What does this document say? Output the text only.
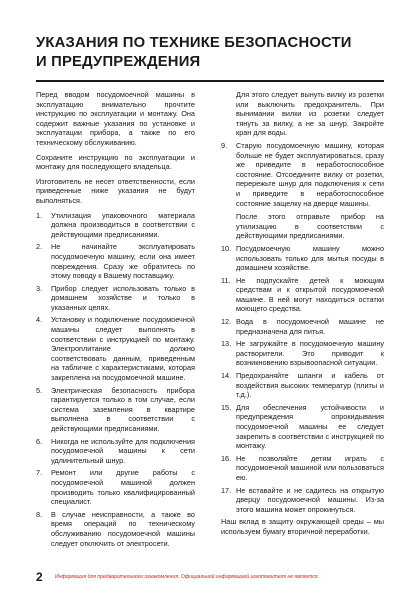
УКАЗАНИЯ ПО ТЕХНИКЕ БЕЗОПАСНОСТИ
И ПРЕДУПРЕЖДЕНИЯ

Перед вводом посудомоечной машины в эксплуатацию внимательно прочтите инструкцию по эксплуатации и монтажу. Она содержит важные указания по установке и эксплуатации прибора, а также по его техническому обслуживанию.

Сохраните инструкцию по эксплуатации и монтажу для последующего владельца.

Изготовитель не несет ответственности, если приведенные ниже указания не будут выполняться.

1. Утилизация упаковочного материала должна производиться в соответствии с действующими предписаниями.
2. Не начинайте эксплуатировать посудомоечную машину, если она имеет повреждения. Сразу же обратитесь по этому поводу к Вашему поставщику.
3. Прибор следует использовать только в домашнем хозяйстве и только в указанных целях.
4. Установку и подключение посудомоечной машины следует выполнять в соответствии с инструкцией по монтажу. Электроплитание должно соответствовать данным, приведенным на табличке с характеристиками, которая закреплена на посудомоечной машине.
5. Электрическая безопасность прибора гарантируется только в том случае, если система заземления в квартире выполнена в соответствии с действующими предписаниями.
6. Никогда не используйте для подключения посудомоечной машины к сети удлинительный шнур.
7. Ремонт или другие работы с посудомоечной машиной должен производить только квалифицированный специалист.
8. В случае неисправности, а также во время операций по техническому обслуживанию посудомоечной машины следует отключить от электросети.
Для этого следует вынуть вилку из розетки или выключить предохранитель. При вынимании вилки из розетки следует тянуть за вилку, а не за шнур. Закройте кран для воды.
9. Старую посудомоечную машину, которая больше не будет эксплуатироваться, сразу же приведите в нерабoтоспособное состояние. Отсоедините вилку от розетки, перережьте шнур для подключения к сети и приведите в неработоспособное состояние защелку на дверце машины.
После этого отправьте прибор на утилизацию в соответствии с действующими предписаниями.
10. Посудомоечную машину можно использовать только для мытья посуды в домашнем хозяйстве.
11. Не подпускайте детей к моющим средствам и к открытой посудомоечной машине. В ней могут находиться остатки моющего средства.
12. Вода в посудомоечной машине не предназначена для питья.
13. Не загружайте в посудомоечную машину растворители. Это приводит к возникновению взрывоопасной ситуации.
14. Предохраняйте шланги и кабель от воздействия высоких температур (плиты и т.д.).
15. Для обеспечения устойчивости и предупреждения опрокидывания посудомоечной машины ее следует закрепить в соответствии с инструкцией по монтажу.
16. Не позволяйте детям играть с посудомоечной машиной или пользоваться ею.
17. Не вставайте и не садитесь на открытую дверцу посудомоечной машины. Из-за этого машина может опрокинуться.

Наш вклад в защиту окружающей среды – мы используем бумагу вторичной переработки.

2 Информация для предварительного ознакомления. Официальной информацией изготовителя не является.
